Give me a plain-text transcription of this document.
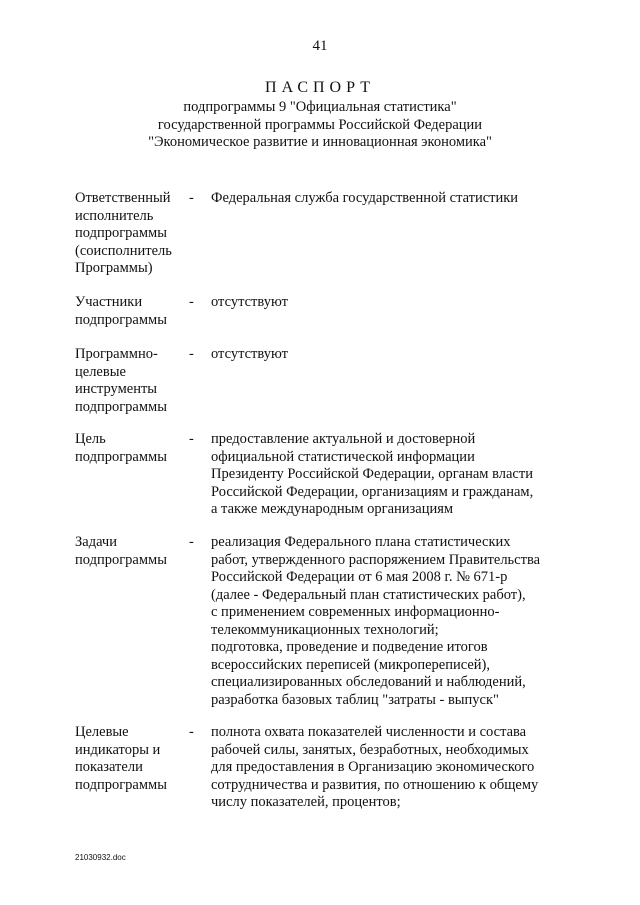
41
ПАСПОРТ
подпрограммы 9 "Официальная статистика"
государственной программы Российской Федерации
"Экономическое развитие и инновационная экономика"
Ответственный
исполнитель
подпрограммы
(соисполнитель
Программы)
- Федеральная служба государственной статистики
Участники
подпрограммы
- отсутствуют
Программно-
целевые
инструменты
подпрограммы
- отсутствуют
Цель
подпрограммы
- предоставление актуальной и достоверной
официальной статистической информации
Президенту Российской Федерации, органам власти
Российской Федерации, организациям и гражданам,
а также международным организациям
Задачи
подпрограммы
- реализация Федерального плана статистических
работ, утвержденного распоряжением Правительства
Российской Федерации от 6 мая 2008 г. № 671-р
(далее - Федеральный план статистических работ),
с применением современных информационно-
телекоммуникационных технологий;
подготовка, проведение и подведение итогов
всероссийских переписей (микропереписей),
специализированных обследований и наблюдений,
разработка базовых таблиц "затраты - выпуск"
Целевые
индикаторы и
показатели
подпрограммы
- полнота охвата показателей численности и состава
рабочей силы, занятых, безработных, необходимых
для предоставления в Организацию экономического
сотрудничества и развития, по отношению к общему
числу показателей, процентов;
21030932.doc
